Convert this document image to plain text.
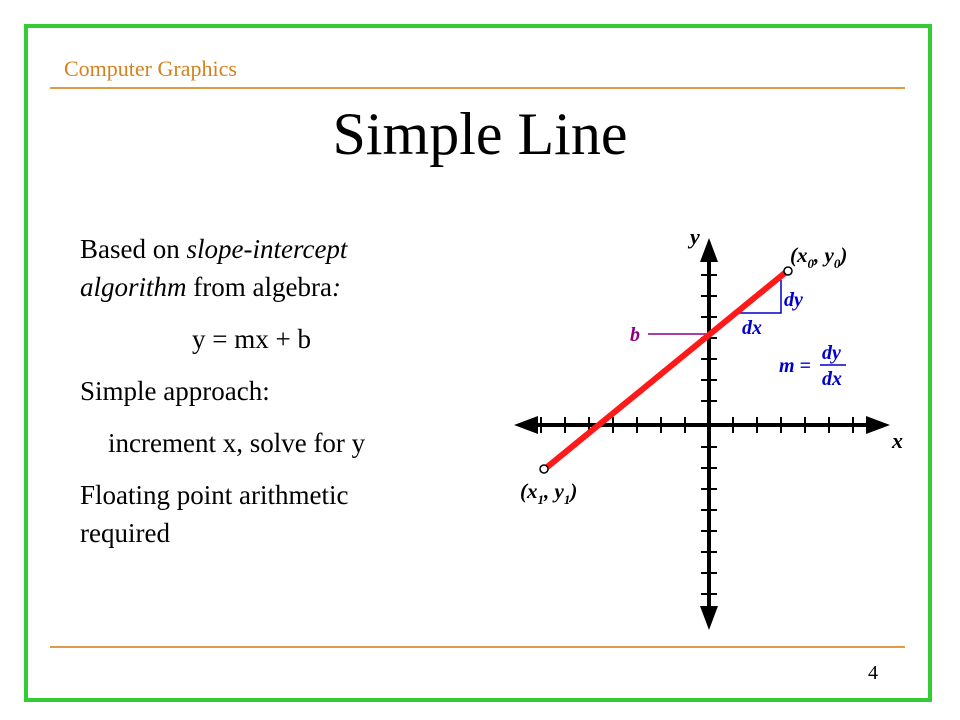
Computer Graphics
Simple Line

Based on slope-intercept

algorithm from algebra:

y = mx + b

Simple approach:

increment x, solve for y

Floating point arithmetic

required

y
x
b
dy
dx
m =
dy
dx
($x_0$, $y_0$)
($x_1$, $y_1$)
4
